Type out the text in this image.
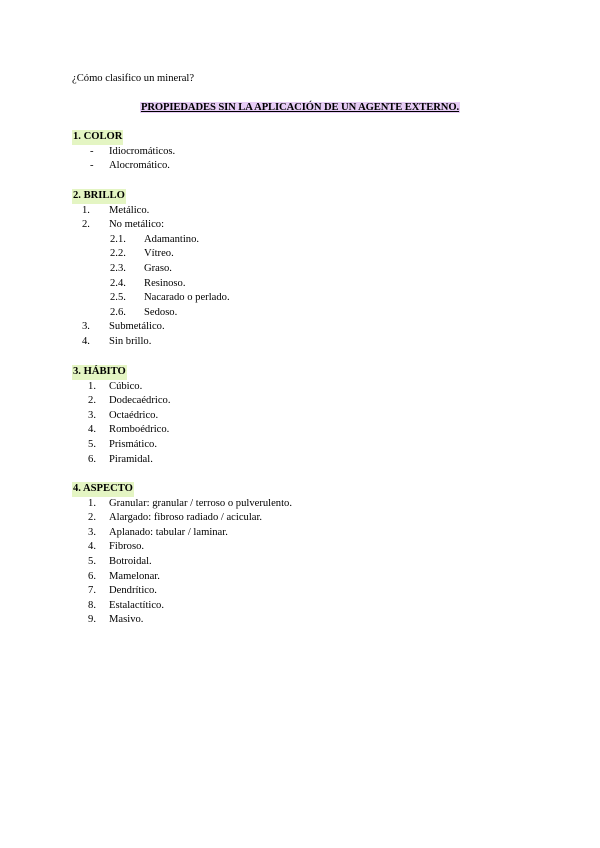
¿Cómo clasifico un mineral?
PROPIEDADES SIN LA APLICACIÓN DE UN AGENTE EXTERNO.
1. COLOR
-	Idiocromáticos.
-	Alocromático.
2. BRILLO
1.	Metálico.
2.	No metálico:
2.1.	Adamantino.
2.2.	Vítreo.
2.3.	Graso.
2.4.	Resinoso.
2.5.	Nacarado o perlado.
2.6.	Sedoso.
3.	Submetálico.
4.	Sin brillo.
3. HÁBITO
1. Cúbico.
2. Dodecaédrico.
3. Octaédrico.
4. Romboédrico.
5. Prismático.
6. Piramidal.
4. ASPECTO
1. Granular: granular / terroso o pulverulento.
2. Alargado: fibroso radiado / acicular.
3. Aplanado: tabular / laminar.
4. Fibroso.
5. Botroidal.
6. Mamelonar.
7. Dendrítico.
8. Estalactítico.
9. Masivo.
